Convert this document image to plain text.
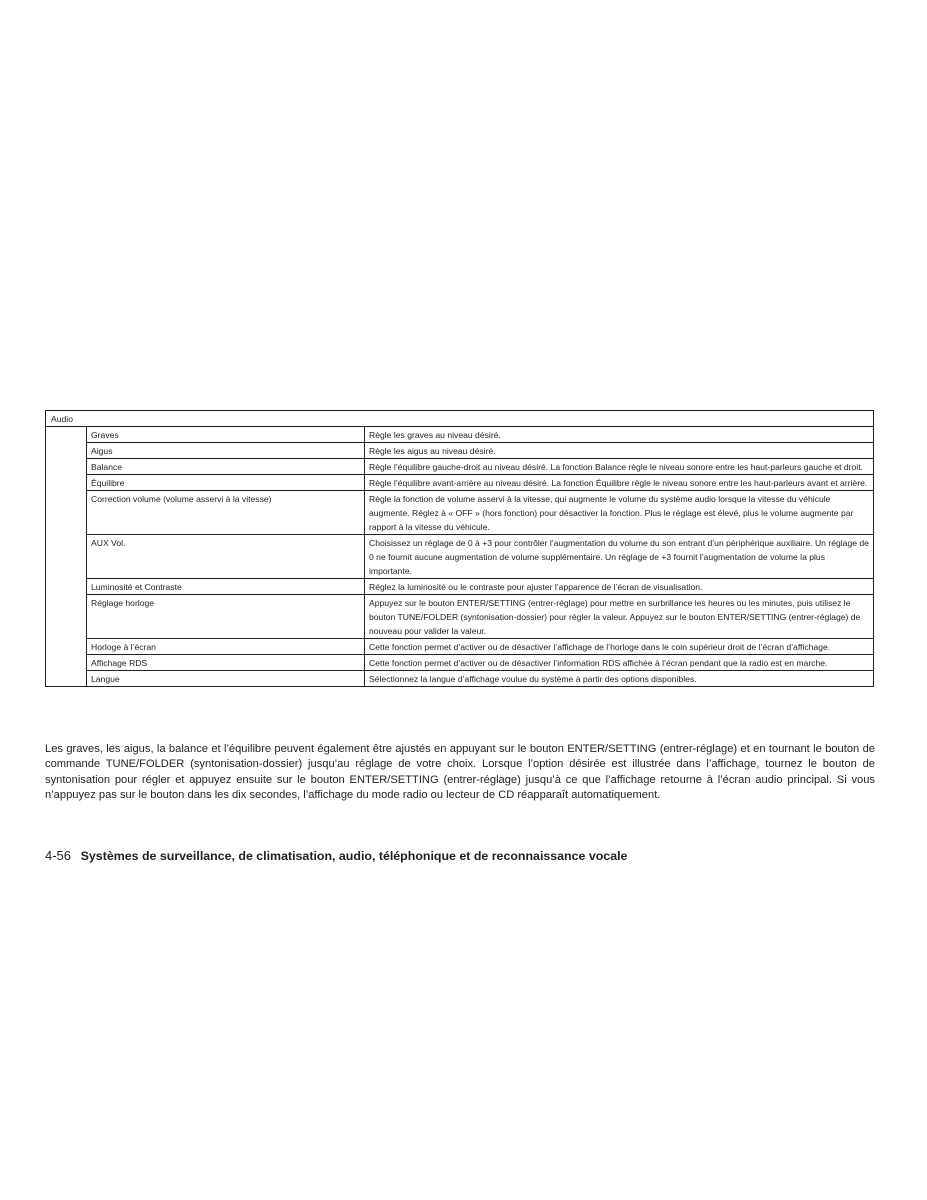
Audio		
	Graves	Règle les graves au niveau désiré.
	Aigus	Règle les aigus au niveau désiré.
	Balance	Règle l’équilibre gauche-droit au niveau désiré. La fonction Balance règle le niveau sonore entre les haut-parleurs gauche et droit.
	Équilibre	Règle l’équilibre avant-arrière au niveau désiré. La fonction Équilibre règle le niveau sonore entre les haut-parleurs avant et arrière.
	Correction volume (volume asservi à la vitesse)	Règle la fonction de volume asservi à la vitesse, qui augmente le volume du système audio lorsque la vitesse du véhicule augmente. Réglez à « OFF » (hors fonction) pour désactiver la fonction. Plus le réglage est élevé, plus le volume augmente par rapport à la vitesse du véhicule.
	AUX Vol.	Choisissez un réglage de 0 à +3 pour contrôler l’augmentation du volume du son entrant d’un périphérique auxiliaire. Un réglage de 0 ne fournit aucune augmentation de volume supplémentaire. Un réglage de +3 fournit l’augmentation de volume la plus importante.
	Luminosité et Contraste	Réglez la luminosité ou le contraste pour ajuster l’apparence de l’écran de visualisation.
	Réglage horloge	Appuyez sur le bouton ENTER/SETTING (entrer-réglage) pour mettre en surbrillance les heures ou les minutes, puis utilisez le bouton TUNE/FOLDER (syntonisation-dossier) pour régler la valeur. Appuyez sur le bouton ENTER/SETTING (entrer-réglage) de nouveau pour valider la valeur.
	Horloge à l’écran	Cette fonction permet d’activer ou de désactiver l’affichage de l’horloge dans le coin supérieur droit de l’écran d’affichage.
	Affichage RDS	Cette fonction permet d’activer ou de désactiver l’information RDS affichée à l’écran pendant que la radio est en marche.
	Langue	Sélectionnez la langue d’affichage voulue du système à partir des options disponibles.

Les graves, les aigus, la balance et l’équilibre peuvent également être ajustés en appuyant sur le bouton ENTER/SETTING (entrer-réglage) et en tournant le bouton de commande TUNE/FOLDER (syntonisation-dossier) jusqu’au réglage de votre choix. Lorsque l’option désirée est illustrée dans l’affichage, tournez le bouton de syntonisation pour régler et appuyez ensuite sur le bouton ENTER/SETTING (entrer-réglage) jusqu’à ce que l’affichage retourne à l’écran audio principal. Si vous n’appuyez pas sur le bouton dans les dix secondes, l’affichage du mode radio ou lecteur de CD réapparaît automatiquement.

4-56 Systèmes de surveillance, de climatisation, audio, téléphonique et de reconnaissance vocale
